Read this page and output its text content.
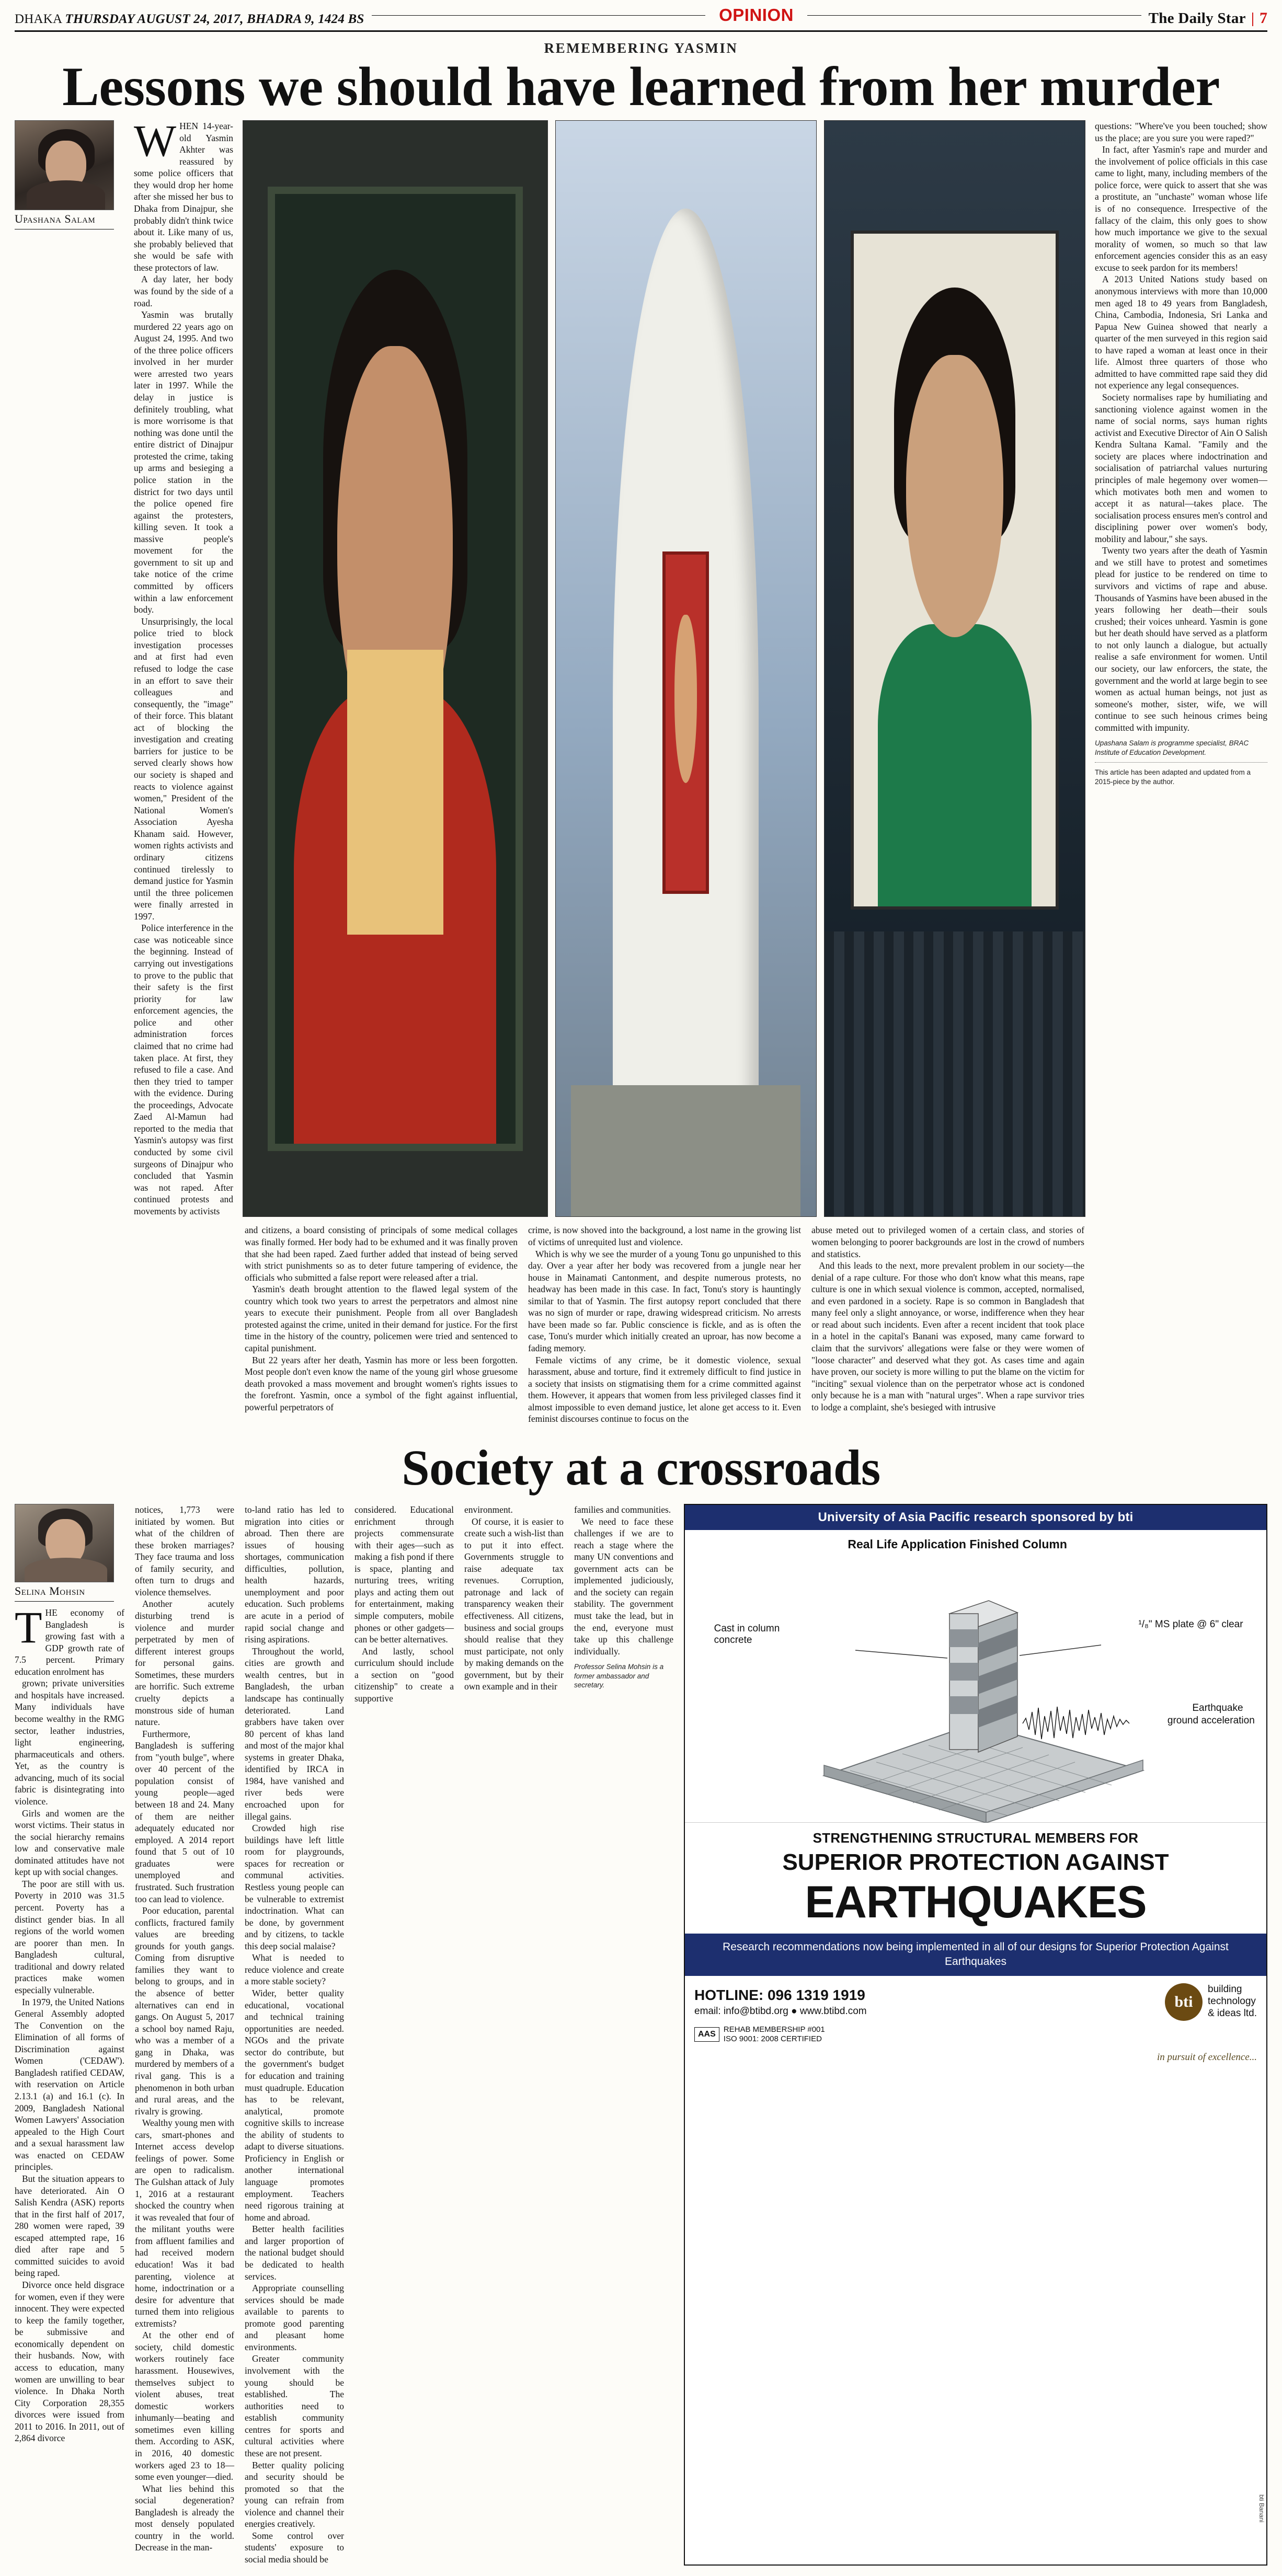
DHAKA THURSDAY AUGUST 24, 2017, BHADRA 9, 1424 BS	OPINION	The Daily Star | 7
REMEMBERING YASMIN
Lessons we should have learned from her murder
Upashana Salam

WHEN 14-year-old Yasmin Akhter was reassured by some police officers that they would drop her home after she missed her bus to Dhaka from Dinajpur, she probably didn't think twice about it. Like many of us, she probably believed that she would be safe with these protectors of law.

A day later, her body was found by the side of a road.

Yasmin was brutally murdered 22 years ago on August 24, 1995. And two of the three police officers involved in her murder were arrested two years later in 1997. While the delay in justice is definitely troubling, what is more worrisome is that nothing was done until the entire district of Dinajpur protested the crime, taking up arms and besieging a police station in the district for two days until the police opened fire against the protesters, killing seven. It took a massive people's movement for the government to sit up and take notice of the crime committed by officers within a law enforcement body.

Unsurprisingly, the local police tried to block investigation processes and at first had even refused to lodge the case in an effort to save their colleagues and consequently, the "image" of their force. This blatant act of blocking the investigation and creating barriers for justice to be served clearly shows how our society is shaped and reacts to violence against women," President of the National Women's Association Ayesha Khanam said. However, women rights activists and ordinary citizens continued tirelessly to demand justice for Yasmin until the three policemen were finally arrested in 1997.

Police interference in the case was noticeable since the beginning. Instead of carrying out investigations to prove to the public that their safety is the first priority for law enforcement agencies, the police and other administration forces claimed that no crime had taken place. At first, they refused to file a case. And then they tried to tamper with the evidence. During the proceedings, Advocate Zaed Al-Mamun had reported to the media that Yasmin's autopsy was first conducted by some civil surgeons of Dinajpur who concluded that Yasmin was not raped. After continued protests and movements by activists

questions: "Where've you been touched; show us the place; are you sure you were raped?"

In fact, after Yasmin's rape and murder and the involvement of police officials in this case came to light, many, including members of the police force, were quick to assert that she was a prostitute, an "unchaste" woman whose life is of no consequence. Irrespective of the fallacy of the claim, this only goes to show how much importance we give to the sexual morality of women, so much so that law enforcement agencies consider this as an easy excuse to seek pardon for its members!

A 2013 United Nations study based on anonymous interviews with more than 10,000 men aged 18 to 49 years from Bangladesh, China, Cambodia, Indonesia, Sri Lanka and Papua New Guinea showed that nearly a quarter of the men surveyed in this region said to have raped a woman at least once in their life. Almost three quarters of those who admitted to have committed rape said they did not experience any legal consequences.

Society normalises rape by humiliating and sanctioning violence against women in the name of social norms, says human rights activist and Executive Director of Ain O Salish Kendra Sultana Kamal. "Family and the society are places where indoctrination and socialisation of patriarchal values nurturing principles of male hegemony over women—which motivates both men and women to accept it as natural—takes place. The socialisation process ensures men's control and disciplining power over women's body, mobility and labour," she says.

Twenty two years after the death of Yasmin and we still have to protest and sometimes plead for justice to be rendered on time to survivors and victims of rape and abuse. Thousands of Yasmins have been abused in the years following her death—their souls crushed; their voices unheard. Yasmin is gone but her death should have served as a platform to not only launch a dialogue, but actually realise a safe environment for women. Until our society, our law enforcers, the state, the government and the world at large begin to see women as actual human beings, not just as someone's mother, sister, wife, we will continue to see such heinous crimes being committed with impunity.

Upashana Salam is programme specialist, BRAC Institute of Education Development.
This article has been adapted and updated from a 2015-piece by the author.

and citizens, a board consisting of principals of some medical collages was finally formed. Her body had to be exhumed and it was finally proven that she had been raped. Zaed further added that instead of being served with strict punishments so as to deter future tampering of evidence, the officials who submitted a false report were released after a trial.

Yasmin's death brought attention to the flawed legal system of the country which took two years to arrest the perpetrators and almost nine years to execute their punishment. People from all over Bangladesh protested against the crime, united in their demand for justice. For the first time in the history of the country, policemen were tried and sentenced to capital punishment.

But 22 years after her death, Yasmin has more or less been forgotten. Most people don't even know the name of the young girl whose gruesome death provoked a mass movement and brought women's rights issues to the forefront. Yasmin, once a symbol of the fight against influential, powerful perpetrators of

crime, is now shoved into the background, a lost name in the growing list of victims of unrequited lust and violence.

Which is why we see the murder of a young Tonu go unpunished to this day. Over a year after her body was recovered from a jungle near her house in Mainamati Cantonment, and despite numerous protests, no headway has been made in this case. In fact, Tonu's story is hauntingly similar to that of Yasmin. The first autopsy report concluded that there was no sign of murder or rape, drawing widespread criticism. No arrests have been made so far. Public conscience is fickle, and as is often the case, Tonu's murder which initially created an uproar, has now become a fading memory.

Female victims of any crime, be it domestic violence, sexual harassment, abuse and torture, find it extremely difficult to find justice in a society that insists on stigmatising them for a crime committed against them. However, it appears that women from less privileged classes find it almost impossible to even demand justice, let alone get access to it. Even feminist discourses continue to focus on the

abuse meted out to privileged women of a certain class, and stories of women belonging to poorer backgrounds are lost in the crowd of numbers and statistics.

And this leads to the next, more prevalent problem in our society—the denial of a rape culture. For those who don't know what this means, rape culture is one in which sexual violence is common, accepted, normalised, and even pardoned in a society. Rape is so common in Bangladesh that many feel only a slight annoyance, or worse, indifference when they hear or read about such incidents. Even after a recent incident that took place in a hotel in the capital's Banani was exposed, many came forward to claim that the survivors' allegations were false or they were women of "loose character" and deserved what they got. As cases time and again have proven, our society is more willing to put the blame on the victim for "inciting" sexual violence than on the perpetrator whose act is condoned only because he is a man with "natural urges". When a rape survivor tries to lodge a complaint, she's besieged with intrusive

Society at a crossroads
Selina Mohsin

THE economy of Bangladesh is growing fast with a GDP growth rate of 7.5 percent. Primary education enrolment has

grown; private universities and hospitals have increased. Many individuals have become wealthy in the RMG sector, leather industries, light engineering, pharmaceuticals and others. Yet, as the country is advancing, much of its social fabric is disintegrating into violence.

Girls and women are the worst victims. Their status in the social hierarchy remains low and conservative male dominated attitudes have not kept up with social changes.

The poor are still with us. Poverty in 2010 was 31.5 percent. Poverty has a distinct gender bias. In all regions of the world women are poorer than men. In Bangladesh cultural, traditional and dowry related practices make women especially vulnerable.

In 1979, the United Nations General Assembly adopted The Convention on the Elimination of all forms of Discrimination against Women ('CEDAW'). Bangladesh ratified CEDAW, with reservation on Article 2.13.1 (a) and 16.1 (c). In 2009, Bangladesh National Women Lawyers' Association appealed to the High Court and a sexual harassment law was enacted on CEDAW principles.

But the situation appears to have deteriorated. Ain O Salish Kendra (ASK) reports that in the first half of 2017, 280 women were raped, 39 escaped attempted rape, 16 died after rape and 5 committed suicides to avoid being raped.

Divorce once held disgrace for women, even if they were innocent. They were expected to keep the family together, be submissive and economically dependent on their husbands. Now, with access to education, many women are unwilling to bear violence. In Dhaka North City Corporation 28,355 divorces were issued from 2011 to 2016. In 2011, out of 2,864 divorce

notices, 1,773 were initiated by women. But what of the children of these broken marriages? They face trauma and loss of family security, and often turn to drugs and violence themselves.

Another acutely disturbing trend is violence and murder perpetrated by men of different interest groups for personal gains. Sometimes, these murders are horrific. Such extreme cruelty depicts a monstrous side of human nature.

Furthermore, Bangladesh is suffering from "youth bulge", where over 40 percent of the population consist of young people—aged between 18 and 24. Many of them are neither adequately educated nor employed. A 2014 report found that 5 out of 10 graduates were unemployed and frustrated. Such frustration too can lead to violence.

Poor education, parental conflicts, fractured family values are breeding grounds for youth gangs. Coming from disruptive families they want to belong to groups, and in the absence of better alternatives can end in gangs. On August 5, 2017 a school boy named Raju, who was a member of a gang in Dhaka, was murdered by members of a rival gang. This is a phenomenon in both urban and rural areas, and the rivalry is growing.

Wealthy young men with cars, smart-phones and Internet access develop feelings of power. Some are open to radicalism. The Gulshan attack of July 1, 2016 at a restaurant shocked the country when it was revealed that four of the militant youths were from affluent families and had received modern education! Was it bad parenting, violence at home, indoctrination or a desire for adventure that turned them into religious extremists?

At the other end of society, child domestic workers routinely face harassment. Housewives, themselves subject to violent abuses, treat domestic workers inhumanly—beating and sometimes even killing them. According to ASK, in 2016, 40 domestic workers aged 23 to 18—some even younger—died.

What lies behind this social degeneration? Bangladesh is already the most densely populated country in the world. Decrease in the man-

to-land ratio has led to migration into cities or abroad. Then there are issues of housing shortages, communication difficulties, pollution, health hazards, unemployment and poor education. Such problems are acute in a period of rapid social change and rising aspirations.

Throughout the world, cities are growth and wealth centres, but in Bangladesh, the urban landscape has continually deteriorated. Land grabbers have taken over 80 percent of khas land and most of the major khal systems in greater Dhaka, identified by IRCA in 1984, have vanished and river beds were encroached upon for illegal gains.

Crowded high rise buildings have left little room for playgrounds, spaces for recreation or communal activities. Restless young people can be vulnerable to extremist indoctrination. What can be done, by government and by citizens, to tackle this deep social malaise?

What is needed to reduce violence and create a more stable society?

Wider, better quality educational, vocational and technical training opportunities are needed. NGOs and the private sector do contribute, but the government's budget for education and training must quadruple. Education has to be relevant, analytical, promote cognitive skills to increase the ability of students to adapt to diverse situations. Proficiency in English or another international language promotes employment. Teachers need rigorous training at home and abroad.

Better health facilities and larger proportion of the national budget should be dedicated to health services.

Appropriate counselling services should be made available to parents to promote good parenting and pleasant home environments.

Greater community involvement with the young should be established. The authorities need to establish community centres for sports and cultural activities where these are not present.

Better quality policing and security should be promoted so that the young can refrain from violence and channel their energies creatively.

Some control over students' exposure to social media should be

considered. Educational enrichment through projects commensurate with their ages—such as making a fish pond if there is space, planting and nurturing trees, writing plays and acting them out for entertainment, making simple computers, mobile phones or other gadgets—can be better alternatives.

And lastly, school curriculum should include a section on "good citizenship" to create a supportive

environment.

Of course, it is easier to create such a wish-list than to put it into effect. Governments struggle to raise adequate tax revenues. Corruption, patronage and lack of transparency weaken their effectiveness. All citizens, business and social groups should realise that they must participate, not only by making demands on the government, but by their own example and in their

families and communities.

We need to face these challenges if we are to reach a stage where the many UN conventions and government acts can be implemented judiciously, and the society can regain stability. The government must take the lead, but in the end, everyone must take up this challenge individually.

Professor Selina Mohsin is a former ambassador and secretary.
University of Asia Pacific research sponsored by bti
Real Life Application Finished Column
Cast in column concrete
¹/₈" MS plate @ 6" clear
Earthquake
ground acceleration
STRENGTHENING STRUCTURAL MEMBERS FOR
SUPERIOR PROTECTION AGAINST
EARTHQUAKES
Research recommendations now being implemented in all of our designs for Superior Protection Against Earthquakes
HOTLINE: 096 1319 1919
email: info@btibd.org ● www.btibd.com
bti
building
technology
& ideas ltd.
AAS
REHAB MEMBERSHIP #001
ISO 9001: 2008 CERTIFIED
in pursuit of excellence...
bti Banani
